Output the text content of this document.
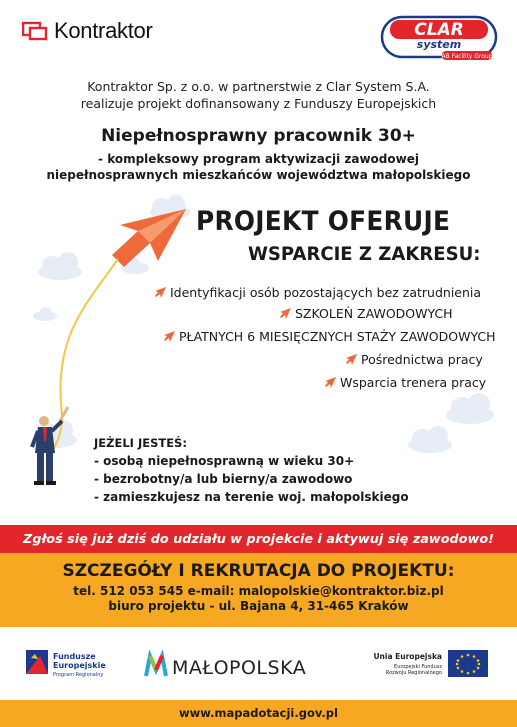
Kontraktor	CLAR
system
AB Facility Group
Kontraktor Sp. z o.o. w partnerstwie z Clar System S.A.
realizuje projekt dofinansowany z Funduszy Europejskich
Niepełnosprawny pracownik 30+
- kompleksowy program aktywizacji zawodowej
niepełnosprawnych mieszkańców województwa małopolskiego
PROJEKT OFERUJE
WSPARCIE Z ZAKRESU:
Identyfikacji osób pozostających bez zatrudnienia
SZKOLEŃ ZAWODOWYCH
PŁATNYCH 6 MIESIĘCZNYCH STAŻY ZAWODOWYCH
Pośrednictwa pracy
Wsparcia trenera pracy
JEŻELI JESTEŚ:
- osobą niepełnosprawną w wieku 30+
- bezrobotny/a lub bierny/a zawodowo
- zamieszkujesz na terenie woj. małopolskiego
Zgłoś się już dziś do udziału w projekcie i aktywuj się zawodowo!
SZCZEGÓŁY I REKRUTACJA DO PROJEKTU:
tel. 512 053 545 e-mail: malopolskie@kontraktor.biz.pl
biuro projektu - ul. Bajana 4, 31-465 Kraków
Fundusze
Europejskie
Program Regionalny	MAŁOPOLSKA
Unia Europejska
Europejski Fundusz
Rozwoju Regionalnego
www.mapadotacji.gov.pl
